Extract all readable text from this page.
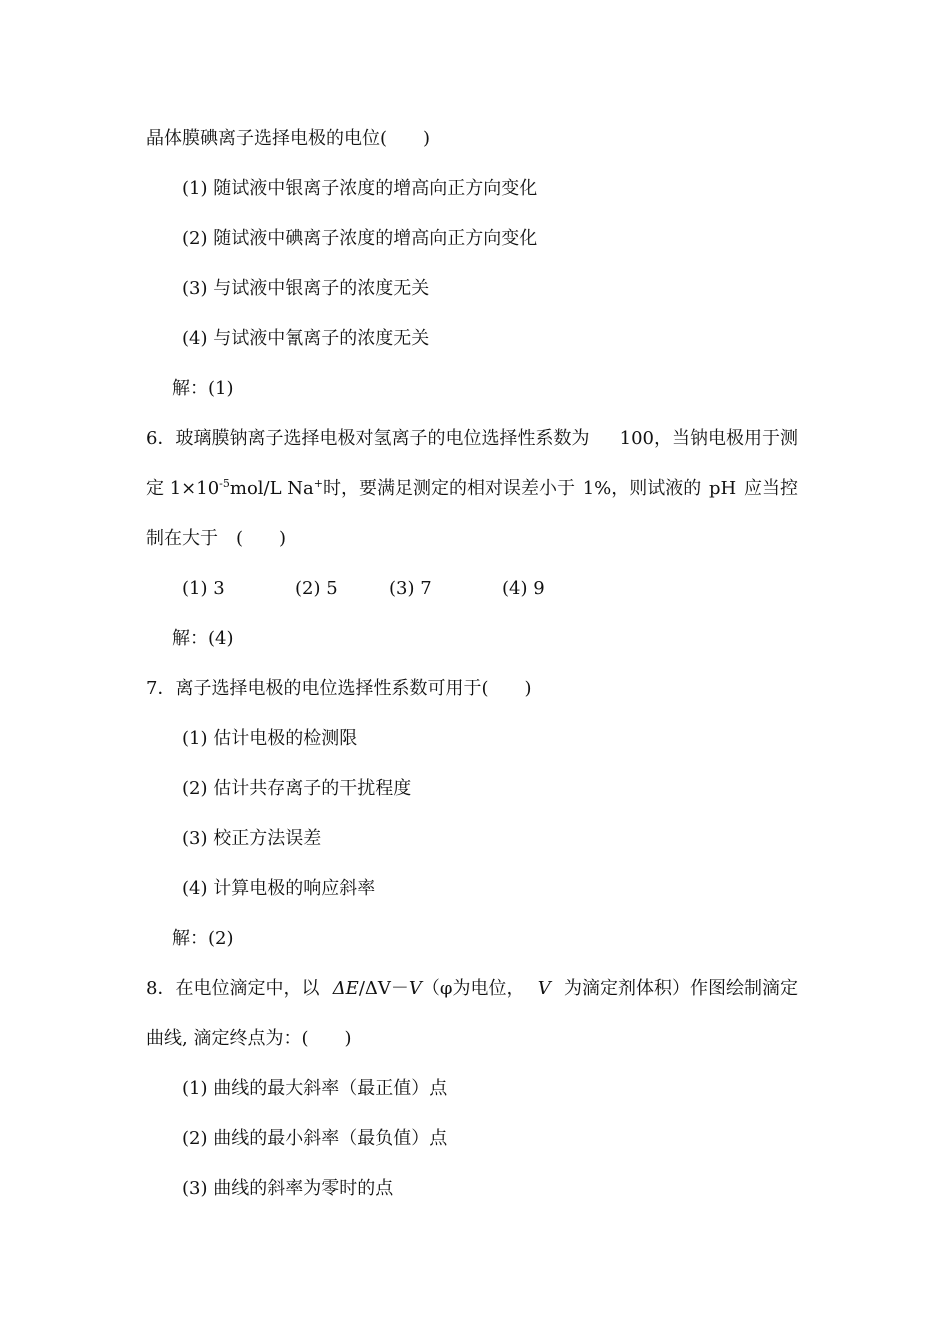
晶体膜碘离子选择电极的电位(　　)
(1) 随试液中银离子浓度的增高向正方向变化
(2) 随试液中碘离子浓度的增高向正方向变化
(3) 与试液中银离子的浓度无关
(4) 与试液中氰离子的浓度无关
解：(1)
6．玻璃膜钠离子选择电极对氢离子的电位选择性系数为 100，当钠电极用于测
定 $1\times 10^{-5}mol/L$ Na+时，要满足测定的相对误差小于 1%，则试液的 pH 应当控
制在大于　(　　)
(1) 3	(2) 5	(3) 7	(4) 9
解：(4)
7．离子选择电极的电位选择性系数可用于(　　)
(1) 估计电极的检测限
(2) 估计共存离子的干扰程度
(3) 校正方法误差
(4) 计算电极的响应斜率
解：(2)
8．在电位滴定中，以 ΔE/ΔV－V（φ为电位， V 为滴定剂体积）作图绘制滴定
曲线, 滴定终点为：(　　)
(1) 曲线的最大斜率（最正值）点
(2) 曲线的最小斜率（最负值）点
(3) 曲线的斜率为零时的点
